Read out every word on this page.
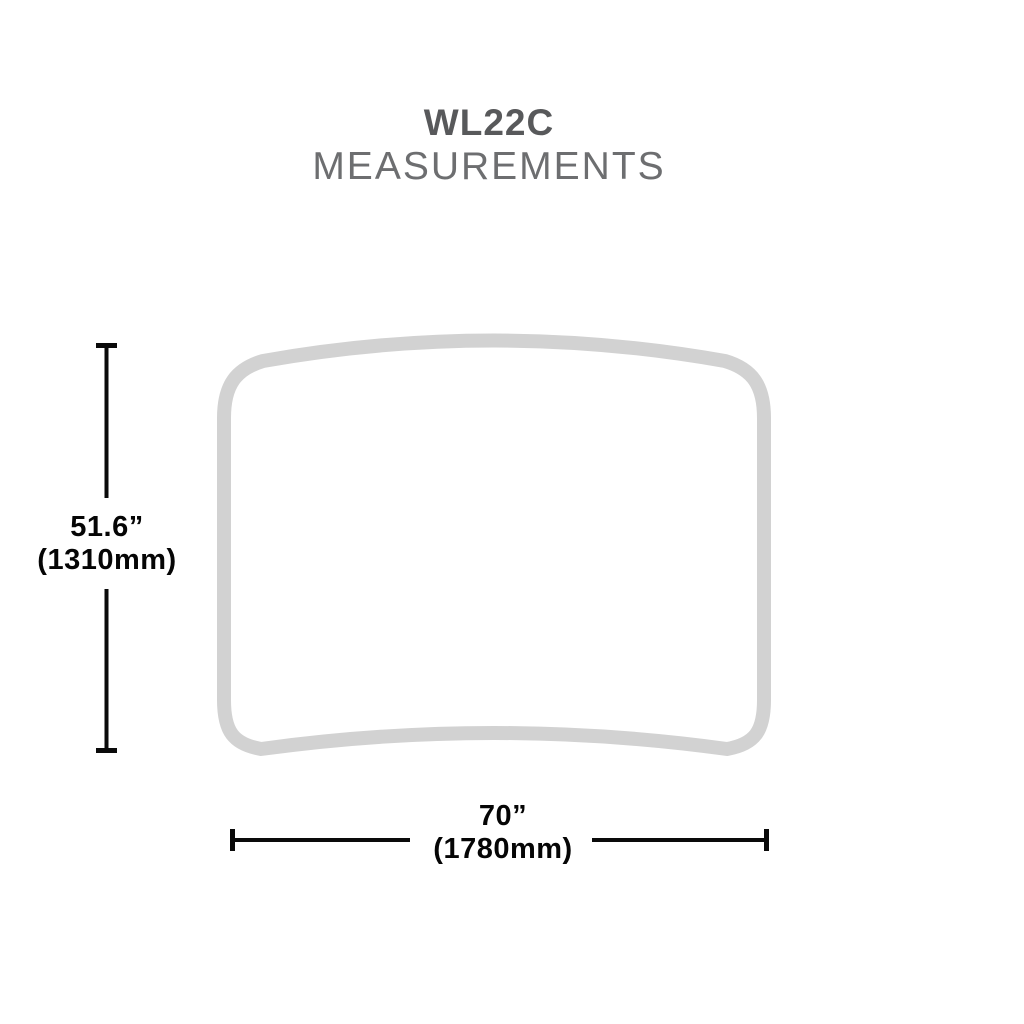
WL22C
MEASUREMENTS
51.6”
(1310mm)
70”
(1780mm)
